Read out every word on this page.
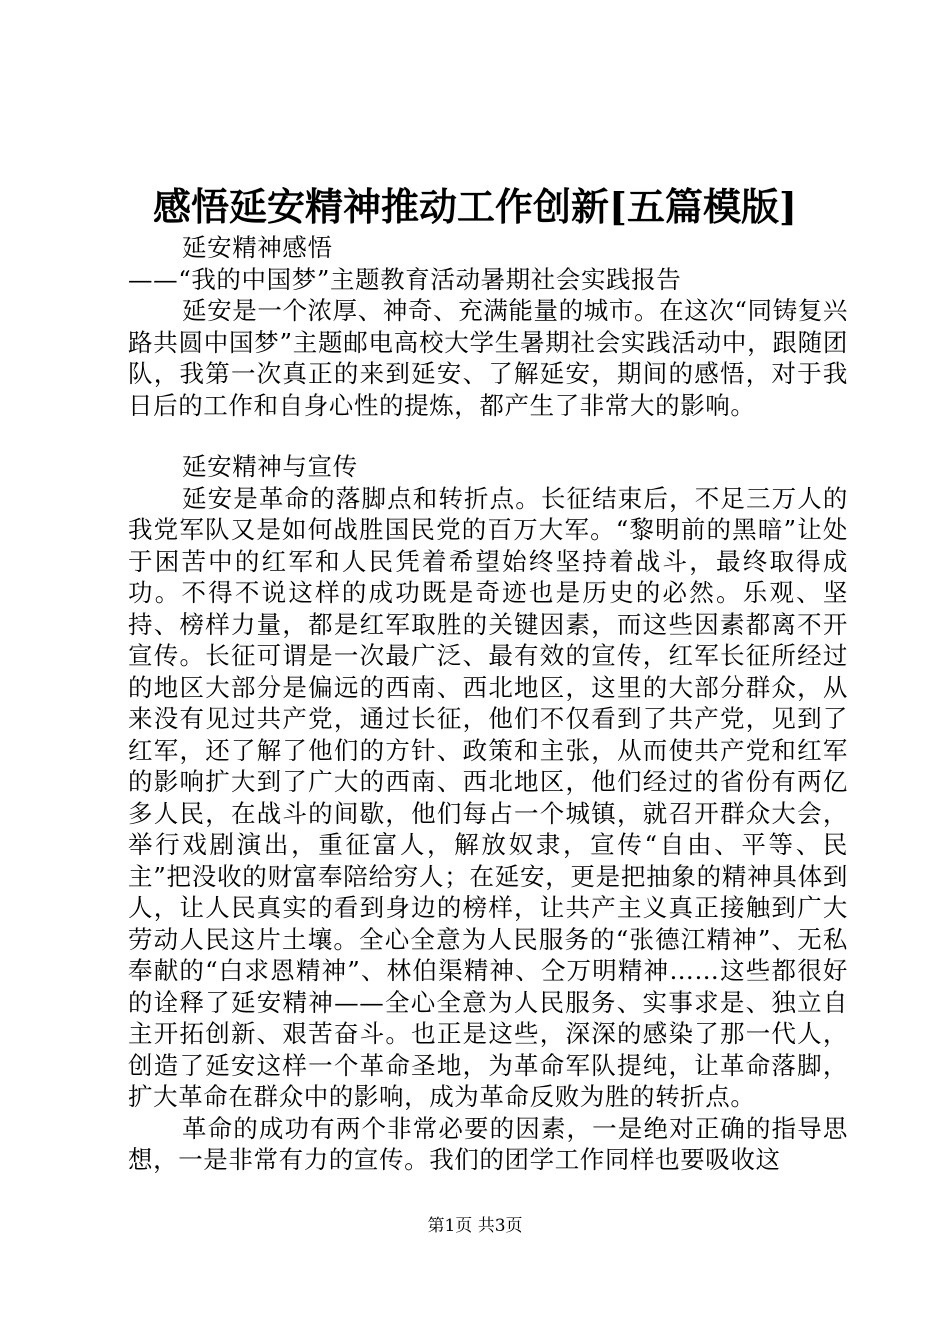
感悟延安精神推动工作创新[五篇模版]

延安精神感悟

——“我的中国梦”主题教育活动暑期社会实践报告

延安是一个浓厚、神奇、充满能量的城市。在这次“同铸复兴路共圆中国梦”主题邮电高校大学生暑期社会实践活动中，跟随团队，我第一次真正的来到延安、了解延安，期间的感悟，对于我日后的工作和自身心性的提炼，都产生了非常大的影响。

延安精神与宣传

延安是革命的落脚点和转折点。长征结束后，不足三万人的我党军队又是如何战胜国民党的百万大军。“黎明前的黑暗”让处于困苦中的红军和人民凭着希望始终坚持着战斗，最终取得成功。不得不说这样的成功既是奇迹也是历史的必然。乐观、坚持、榜样力量，都是红军取胜的关键因素，而这些因素都离不开宣传。长征可谓是一次最广泛、最有效的宣传，红军长征所经过的地区大部分是偏远的西南、西北地区，这里的大部分群众，从来没有见过共产党，通过长征，他们不仅看到了共产党，见到了红军，还了解了他们的方针、政策和主张，从而使共产党和红军的影响扩大到了广大的西南、西北地区，他们经过的省份有两亿多人民，在战斗的间歇，他们每占一个城镇，就召开群众大会，举行戏剧演出，重征富人，解放奴隶，宣传“自由、平等、民主”把没收的财富奉陪给穷人；在延安，更是把抽象的精神具体到人，让人民真实的看到身边的榜样，让共产主义真正接触到广大劳动人民这片土壤。全心全意为人民服务的“张德江精神”、无私奉献的“白求恩精神”、林伯渠精神、仝万明精神……这些都很好的诠释了延安精神——全心全意为人民服务、实事求是、独立自主开拓创新、艰苦奋斗。也正是这些，深深的感染了那一代人，创造了延安这样一个革命圣地，为革命军队提纯，让革命落脚，扩大革命在群众中的影响，成为革命反败为胜的转折点。

革命的成功有两个非常必要的因素，一是绝对正确的指导思想，一是非常有力的宣传。我们的团学工作同样也要吸收这

第1页 共3页
